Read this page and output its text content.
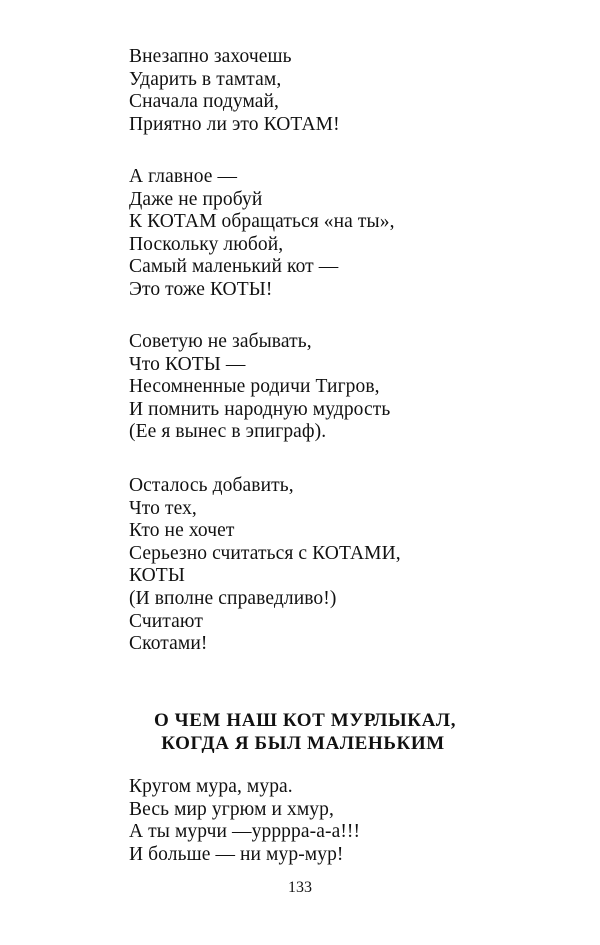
Внезапно захочешь
Ударить в тамтам,
Сначала подумай,
Приятно ли это КОТАМ!
А главное —
Даже не пробуй
К КОТАМ обращаться «на ты»,
Поскольку любой,
Самый маленький кот —
Это тоже КОТЫ!
Советую не забывать,
Что КОТЫ —
Несомненные родичи Тигров,
И помнить народную мудрость
(Ее я вынес в эпиграф).
Осталось добавить,
Что тех,
Кто не хочет
Серьезно считаться с КОТАМИ,
КОТЫ
(И вполне справедливо!)
Считают
Скотами!
О ЧЕМ НАШ КОТ МУРЛЫКАЛ,
КОГДА Я БЫЛ МАЛЕНЬКИМ
Кругом мура, мура.
Весь мир угрюм и хмур,
А ты мурчи —урррра-а-а!!!
И больше — ни мур-мур!
133
